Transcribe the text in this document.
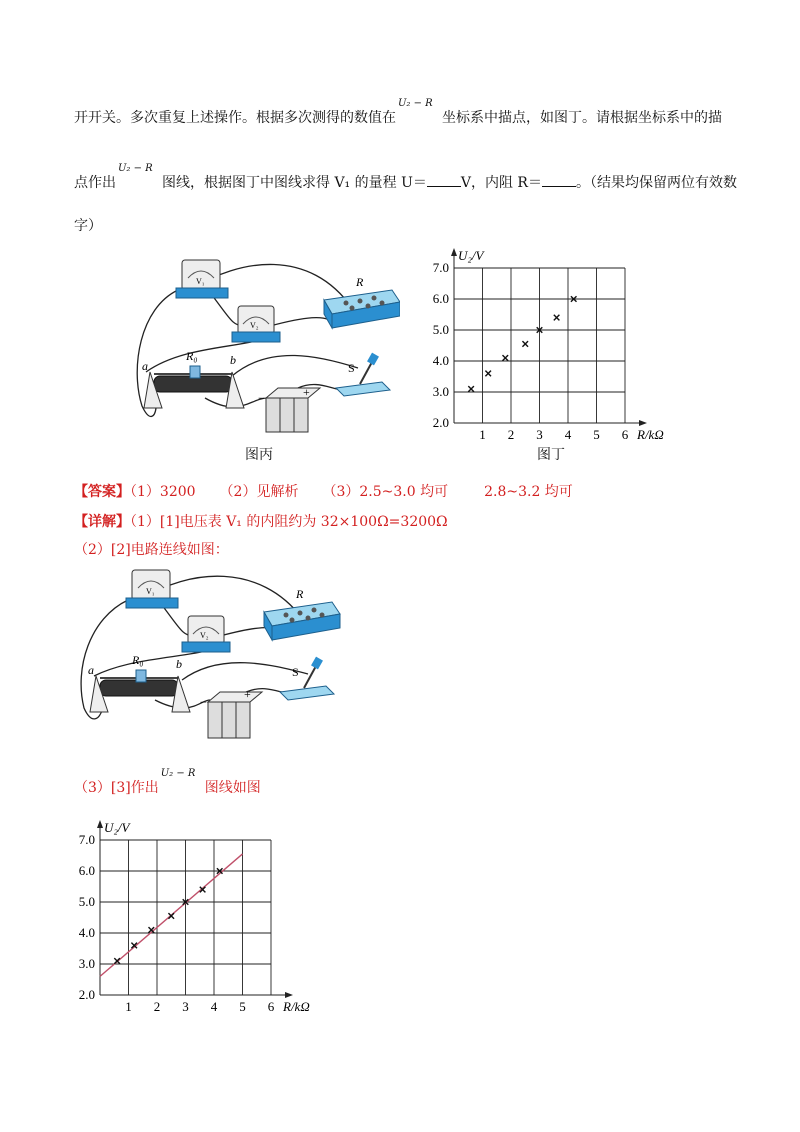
开开关。多次重复上述操作。根据多次测得的数值在
U₂ − R
坐标系中描点，如图丁。请根据坐标系中的描
点作出
U₂ − R
图线，根据图丁中图线求得 V₁ 的量程 U＝ V，内阻 R＝ 。（结果均保留两位有效数
字）
V₁
V₂
R
a
R₀	b
−	+
S
图丙
1 2 3 4 5 6
2.0
3.0
4.0
5.0
6.0
7.0
R/kΩ
U₂/V
图丁
【答案】（1）3200 （2）见解析 （3）2.5~3.0 均可	2.8~3.2 均可
【详解】（1）[1]电压表 V₁ 的内阻约为 32×100Ω=3200Ω
（2）[2]电路连线如图：
V₁
V₂
R
a
R₀	b
−
+
S
（3）[3]作出
U₂ − R
图线如图
1 2 3 4 5 6
2.0
3.0
4.0
5.0
6.0
7.0
R/kΩ
U₂/V
